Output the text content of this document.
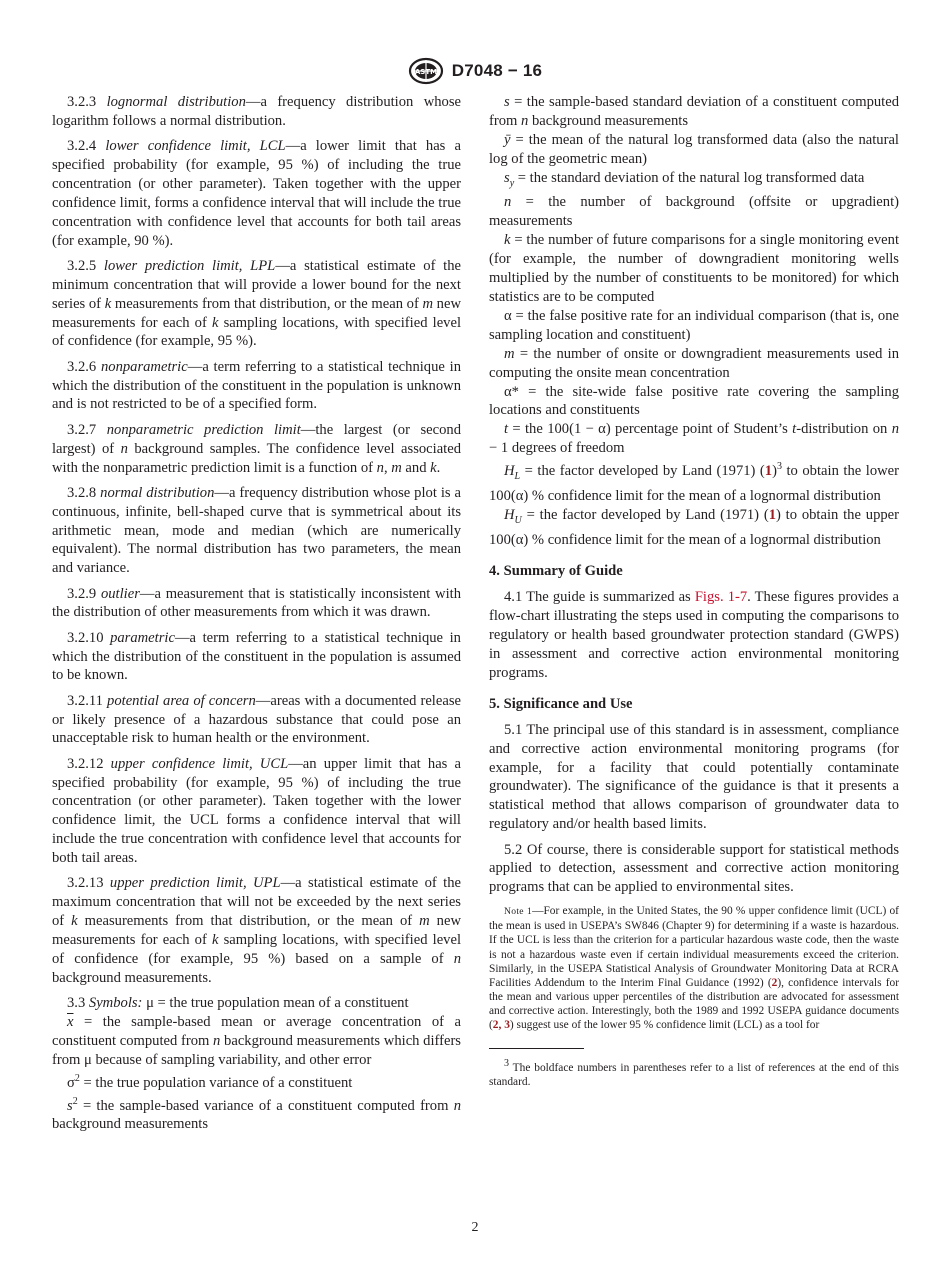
ASTM D7048 − 16

3.2.3 lognormal distribution—a frequency distribution whose logarithm follows a normal distribution.

3.2.4 lower confidence limit, LCL—a lower limit that has a specified probability (for example, 95 %) of including the true concentration (or other parameter). Taken together with the upper confidence limit, forms a confidence interval that will include the true concentration with confidence level that accounts for both tail areas (for example, 90 %).

3.2.5 lower prediction limit, LPL—a statistical estimate of the minimum concentration that will provide a lower bound for the next series of k measurements from that distribution, or the mean of m new measurements for each of k sampling locations, with specified level of confidence (for example, 95 %).

3.2.6 nonparametric—a term referring to a statistical technique in which the distribution of the constituent in the population is unknown and is not restricted to be of a specified form.

3.2.7 nonparametric prediction limit—the largest (or second largest) of n background samples. The confidence level associated with the nonparametric prediction limit is a function of n, m and k.

3.2.8 normal distribution—a frequency distribution whose plot is a continuous, infinite, bell-shaped curve that is symmetrical about its arithmetic mean, mode and median (which are numerically equivalent). The normal distribution has two parameters, the mean and variance.

3.2.9 outlier—a measurement that is statistically inconsistent with the distribution of other measurements from which it was drawn.

3.2.10 parametric—a term referring to a statistical technique in which the distribution of the constituent in the population is assumed to be known.

3.2.11 potential area of concern—areas with a documented release or likely presence of a hazardous substance that could pose an unacceptable risk to human health or the environment.

3.2.12 upper confidence limit, UCL—an upper limit that has a specified probability (for example, 95 %) of including the true concentration (or other parameter). Taken together with the lower confidence limit, the UCL forms a confidence interval that will include the true concentration with confidence level that accounts for both tail areas.

3.2.13 upper prediction limit, UPL—a statistical estimate of the maximum concentration that will not be exceeded by the next series of k measurements from that distribution, or the mean of m new measurements for each of k sampling locations, with specified level of confidence (for example, 95 %) based on a sample of n background measurements.

3.3 Symbols: μ = the true population mean of a constituent

$\overline{x}$ = the sample-based mean or average concentration of a constituent computed from n background measurements which differs from μ because of sampling variability, and other error

$\sigma^2$ = the true population variance of a constituent

$s^2$ = the sample-based variance of a constituent computed from n background measurements

s = the sample-based standard deviation of a constituent computed from n background measurements

ȳ = the mean of the natural log transformed data (also the natural log of the geometric mean)

$s_y$ = the standard deviation of the natural log transformed data

n = the number of background (offsite or upgradient) measurements

k = the number of future comparisons for a single monitoring event (for example, the number of downgradient monitoring wells multiplied by the number of constituents to be monitored) for which statistics are to be computed

α = the false positive rate for an individual comparison (that is, one sampling location and constituent)

m = the number of onsite or downgradient measurements used in computing the onsite mean concentration

α* = the site-wide false positive rate covering the sampling locations and constituents

t = the 100(1 − α) percentage point of Student’s t-distribution on n − 1 degrees of freedom

$H_L$ = the factor developed by Land (1971) $(1)^3$ to obtain the lower 100(α) % confidence limit for the mean of a lognormal distribution

$H_U$ = the factor developed by Land (1971) (1) to obtain the upper 100(α) % confidence limit for the mean of a lognormal distribution

4. Summary of Guide

4.1 The guide is summarized as Figs. 1-7. These figures provides a flow-chart illustrating the steps used in computing the comparisons to regulatory or health based groundwater protection standard (GWPS) in assessment and corrective action environmental monitoring programs.

5. Significance and Use

5.1 The principal use of this standard is in assessment, compliance and corrective action environmental monitoring programs (for example, for a facility that could potentially contaminate groundwater). The significance of the guidance is that it presents a statistical method that allows comparison of groundwater data to regulatory and/or health based limits.

5.2 Of course, there is considerable support for statistical methods applied to detection, assessment and corrective action monitoring programs that can be applied to environmental sites.

Note 1—For example, in the United States, the 90 % upper confidence limit (UCL) of the mean is used in USEPA’s SW846 (Chapter 9) for determining if a waste is hazardous. If the UCL is less than the criterion for a particular hazardous waste code, then the waste is not a hazardous waste even if certain individual measurements exceed the criterion. Similarly, in the USEPA Statistical Analysis of Groundwater Monitoring Data at RCRA Facilities Addendum to the Interim Final Guidance (1992) (2), confidence intervals for the mean and various upper percentiles of the distribution are advocated for assessment and corrective action. Interestingly, both the 1989 and 1992 USEPA guidance documents (2, 3) suggest use of the lower 95 % confidence limit (LCL) as a tool for

$^3$ The boldface numbers in parentheses refer to a list of references at the end of this standard.

2
